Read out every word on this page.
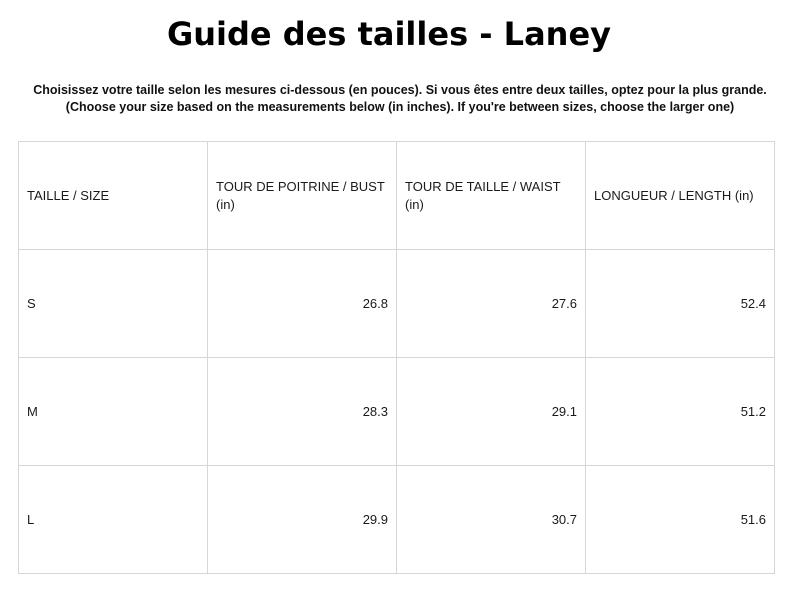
Guide des tailles - Laney
Choisissez votre taille selon les mesures ci-dessous (en pouces). Si vous êtes entre deux tailles, optez pour la plus grande.
(Choose your size based on the measurements below (in inches). If you're between sizes, choose the larger one)
TAILLE / SIZE	TOUR DE POITRINE / BUST (in)	TOUR DE TAILLE / WAIST (in)	LONGUEUR / LENGTH (in)
S	26.8	27.6	52.4
M	28.3	29.1	51.2
L	29.9	30.7	51.6
